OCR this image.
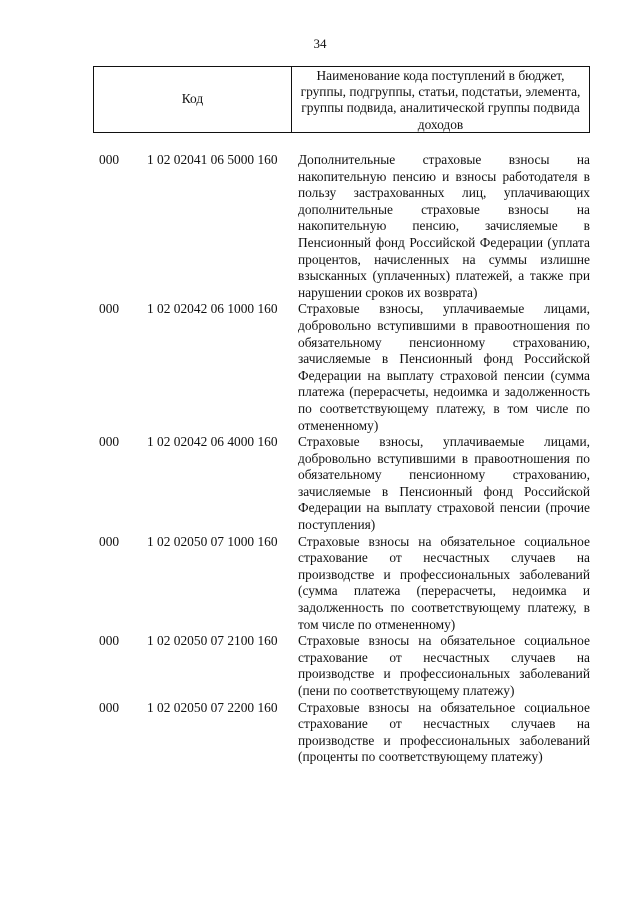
34
Код
Наименование кода поступлений в бюджет, группы, подгруппы, статьи, подстатьи, элемента, группы подвида, аналитической группы подвида доходов
000	1 02 02041 06 5000 160	Дополнительные страховые взносы на накопительную пенсию и взносы работодателя в пользу застрахованных лиц, уплачивающих дополнительные страховые взносы на накопительную пенсию, зачисляемые в Пенсионный фонд Российской Федерации (уплата процентов, начисленных на суммы излишне взысканных (уплаченных) платежей, а также при нарушении сроков их возврата)
000	1 02 02042 06 1000 160	Страховые взносы, уплачиваемые лицами, добровольно вступившими в правоотношения по обязательному пенсионному страхованию, зачисляемые в Пенсионный фонд Российской Федерации на выплату страховой пенсии (сумма платежа (перерасчеты, недоимка и задолженность по соответствующему платежу, в том числе по отмененному)
000	1 02 02042 06 4000 160	Страховые взносы, уплачиваемые лицами, добровольно вступившими в правоотношения по обязательному пенсионному страхованию, зачисляемые в Пенсионный фонд Российской Федерации на выплату страховой пенсии (прочие поступления)
000	1 02 02050 07 1000 160	Страховые взносы на обязательное социальное страхование от несчастных случаев на производстве и профессиональных заболеваний (сумма платежа (перерасчеты, недоимка и задолженность по соответствующему платежу, в том числе по отмененному)
000	1 02 02050 07 2100 160	Страховые взносы на обязательное социальное страхование от несчастных случаев на производстве и профессиональных заболеваний (пени по соответствующему платежу)
000	1 02 02050 07 2200 160	Страховые взносы на обязательное социальное страхование от несчастных случаев на производстве и профессиональных заболеваний (проценты по соответствующему платежу)
